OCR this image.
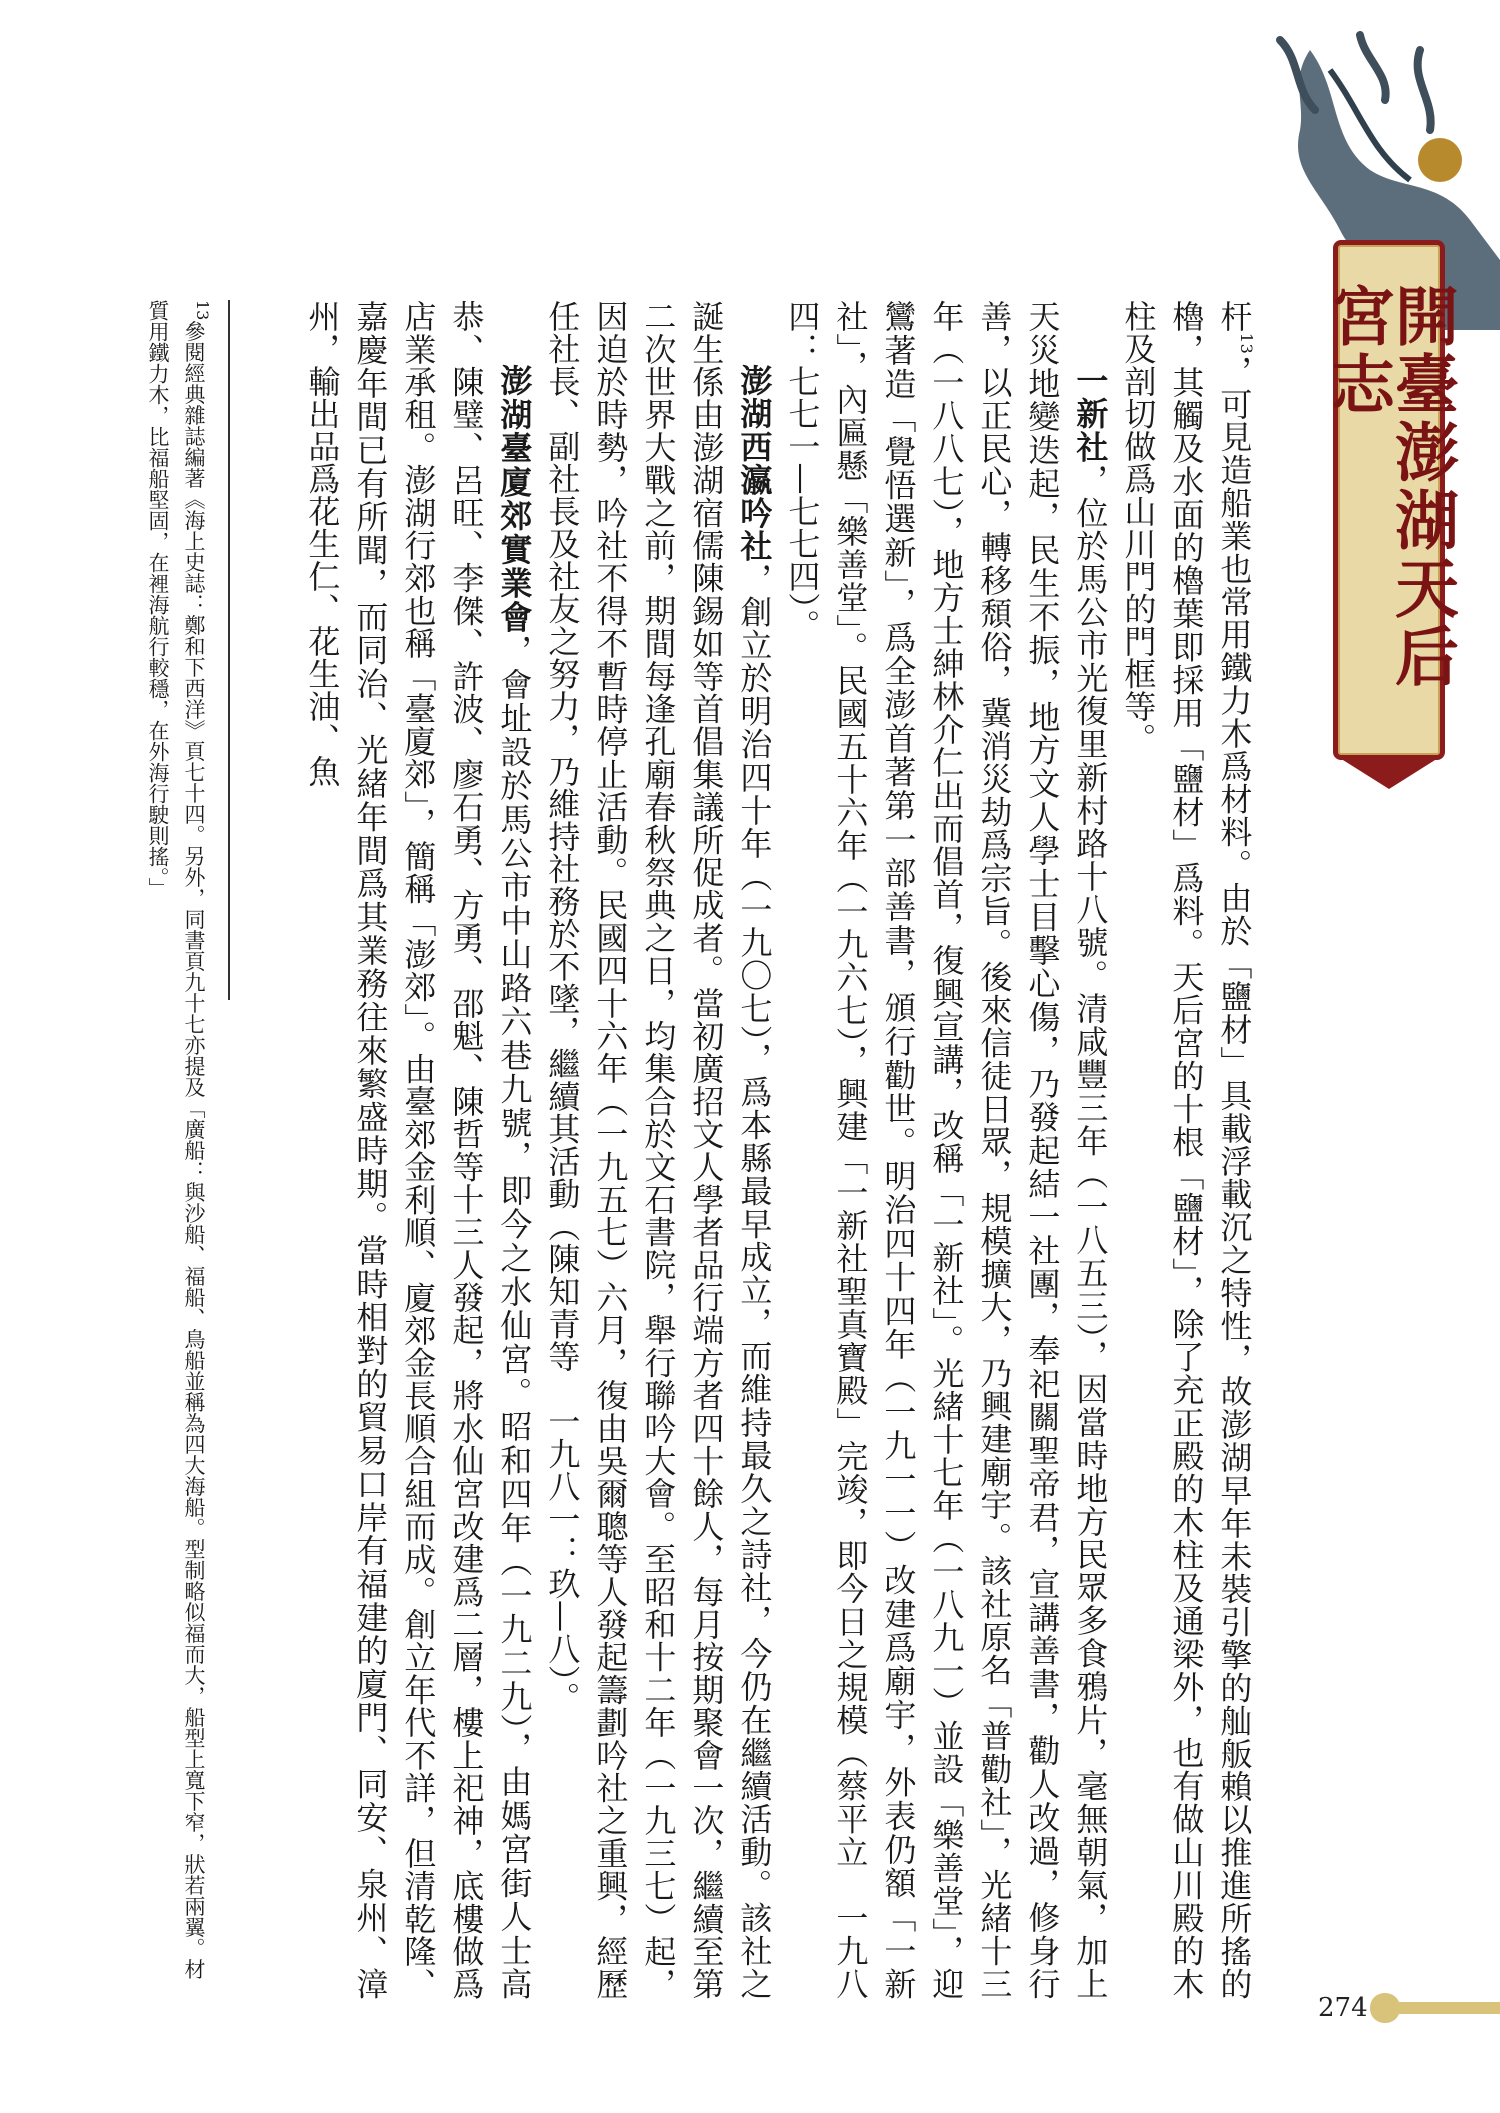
開臺澎湖天后宮志

杆$^{13}$，可見造船業也常用鐵力木爲材料。由於「鹽材」具載浮載沉之特性，故澎湖早年未裝引擎的舢舨賴以推進所搖的櫓，其觸及水面的櫓葉即採用「鹽材」爲料。天后宮的十根「鹽材」，除了充正殿的木柱及通梁外，也有做山川殿的木柱及剖切做爲山川門的門框等。

一新社，位於馬公市光復里新村路十八號。清咸豐三年（一八五三），因當時地方民眾多食鴉片，毫無朝氣，加上天災地變迭起，民生不振，地方文人學士目擊心傷，乃發起結一社團，奉祀關聖帝君，宣講善書，勸人改過，修身行善，以正民心，轉移頹俗，冀消災劫爲宗旨。後來信徒日眾，規模擴大，乃興建廟宇。該社原名「普勸社」，光緒十三年（一八八七），地方士紳林介仁出而倡首，復興宣講，改稱「一新社」。光緒十七年（一八九一）並設「樂善堂」，迎鸞著造「覺悟選新」，爲全澎首著第一部善書，頒行勸世。明治四十四年（一九一一）改建爲廟宇，外表仍額「一新社」，內匾懸「樂善堂」。民國五十六年（一九六七），興建「一新社聖真寶殿」完竣，即今日之規模（蔡平立　一九八四：七七一—七七四）。

澎湖西瀛吟社，創立於明治四十年（一九〇七），爲本縣最早成立，而維持最久之詩社，今仍在繼續活動。該社之誕生係由澎湖宿儒陳錫如等首倡集議所促成者。當初廣招文人學者品行端方者四十餘人，每月按期聚會一次，繼續至第二次世界大戰之前，期間每逢孔廟春秋祭典之日，均集合於文石書院，舉行聯吟大會。至昭和十二年（一九三七）起，因迫於時勢，吟社不得不暫時停止活動。民國四十六年（一九五七）六月，復由吳爾聰等人發起籌劃吟社之重興，經歷任社長、副社長及社友之努力，乃維持社務於不墜，繼續其活動（陳知青等　一九八一：玖—八）。

澎湖臺廈郊實業會，會址設於馬公市中山路六巷九號，即今之水仙宮。昭和四年（一九二九），由媽宮街人士高恭、陳璧、呂旺、李傑、許波、廖石勇、方勇、邵魁、陳哲等十三人發起，將水仙宮改建爲二層，樓上祀神，底樓做爲店業承租。澎湖行郊也稱「臺廈郊」，簡稱「澎郊」。由臺郊金利順、廈郊金長順合組而成。創立年代不詳，但清乾隆、嘉慶年間已有所聞，而同治、光緒年間爲其業務往來繁盛時期。當時相對的貿易口岸有福建的廈門、同安、泉州、漳州，輸出品爲花生仁、花生油、魚

$^{13}$參閱經典雜誌編著《海上史誌：鄭和下西洋》頁七十四。另外，同書頁九十七亦提及「廣船：與沙船、福船、鳥船並稱為四大海船。型制略似福而大，船型上寬下窄，狀若兩翼。材質用鐵力木，比福船堅固，在裡海航行較穩，在外海行駛則搖。」

274
